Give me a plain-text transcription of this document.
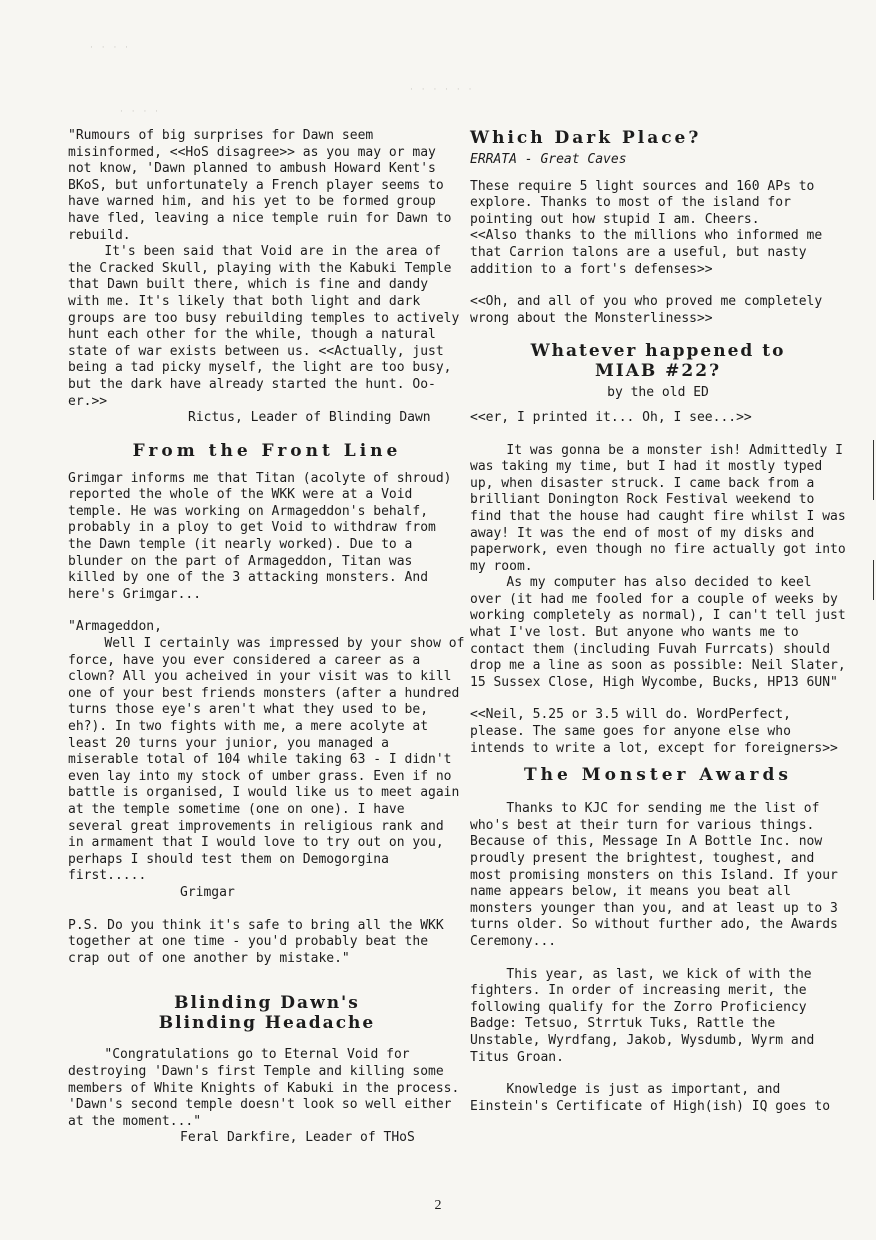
· · · ·
· · · · · ·
· · · ·

"Rumours of big surprises for Dawn seem misinformed, <<HoS disagree>> as you may or may not know, 'Dawn planned to ambush Howard Kent's BKoS, but unfortunately a French player seems to have warned him, and his yet to be formed group have fled, leaving a nice temple ruin for Dawn to rebuild.

It's been said that Void are in the area of the Cracked Skull, playing with the Kabuki Temple that Dawn built there, which is fine and dandy with me. It's likely that both light and dark groups are too busy rebuilding temples to actively hunt each other for the while, though a natural state of war exists between us. <<Actually, just being a tad picky myself, the light are too busy, but the dark have already started the hunt. Oo-er.>>

Rictus, Leader of Blinding Dawn

From the Front Line

Grimgar informs me that Titan (acolyte of shroud) reported the whole of the WKK were at a Void temple. He was working on Armageddon's behalf, probably in a ploy to get Void to withdraw from the Dawn temple (it nearly worked). Due to a blunder on the part of Armageddon, Titan was killed by one of the 3 attacking monsters. And here's Grimgar...

"Armageddon,

Well I certainly was impressed by your show of force, have you ever considered a career as a clown? All you acheived in your visit was to kill one of your best friends monsters (after a hundred turns those eye's aren't what they used to be, eh?). In two fights with me, a mere acolyte at least 20 turns your junior, you managed a miserable total of 104 while taking 63 - I didn't even lay into my stock of umber grass. Even if no battle is organised, I would like us to meet again at the temple sometime (one on one). I have several great improvements in religious rank and in armament that I would love to try out on you, perhaps I should test them on Demogorgina first.....

Grimgar

P.S. Do you think it's safe to bring all the WKK together at one time - you'd probably beat the crap out of one another by mistake."

Blinding Dawn's
Blinding Headache

"Congratulations go to Eternal Void for destroying 'Dawn's first Temple and killing some members of White Knights of Kabuki in the process. 'Dawn's second temple doesn't look so well either at the moment..."

Feral Darkfire, Leader of THoS

Which Dark Place?

ERRATA - Great Caves

These require 5 light sources and 160 APs to explore. Thanks to most of the island for pointing out how stupid I am. Cheers.

<<Also thanks to the millions who informed me that Carrion talons are a useful, but nasty addition to a fort's defenses>>

<<Oh, and all of you who proved me completely wrong about the Monsterliness>>

Whatever happened to
MIAB #22?

by the old ED

<<er, I printed it... Oh, I see...>>

It was gonna be a monster ish! Admittedly I was taking my time, but I had it mostly typed up, when disaster struck. I came back from a brilliant Donington Rock Festival weekend to find that the house had caught fire whilst I was away! It was the end of most of my disks and paperwork, even though no fire actually got into my room.

As my computer has also decided to keel over (it had me fooled for a couple of weeks by working completely as normal), I can't tell just what I've lost. But anyone who wants me to contact them (including Fuvah Furrcats) should drop me a line as soon as possible: Neil Slater, 15 Sussex Close, High Wycombe, Bucks, HP13 6UN"

<<Neil, 5.25 or 3.5 will do. WordPerfect, please. The same goes for anyone else who intends to write a lot, except for foreigners>>

The Monster Awards

Thanks to KJC for sending me the list of who's best at their turn for various things. Because of this, Message In A Bottle Inc. now proudly present the brightest, toughest, and most promising monsters on this Island. If your name appears below, it means you beat all monsters younger than you, and at least up to 3 turns older. So without further ado, the Awards Ceremony...

This year, as last, we kick of with the fighters. In order of increasing merit, the following qualify for the Zorro Proficiency Badge: Tetsuo, Strrtuk Tuks, Rattle the Unstable, Wyrdfang, Jakob, Wysdumb, Wyrm and Titus Groan.

Knowledge is just as important, and Einstein's Certificate of High(ish) IQ goes to

2
